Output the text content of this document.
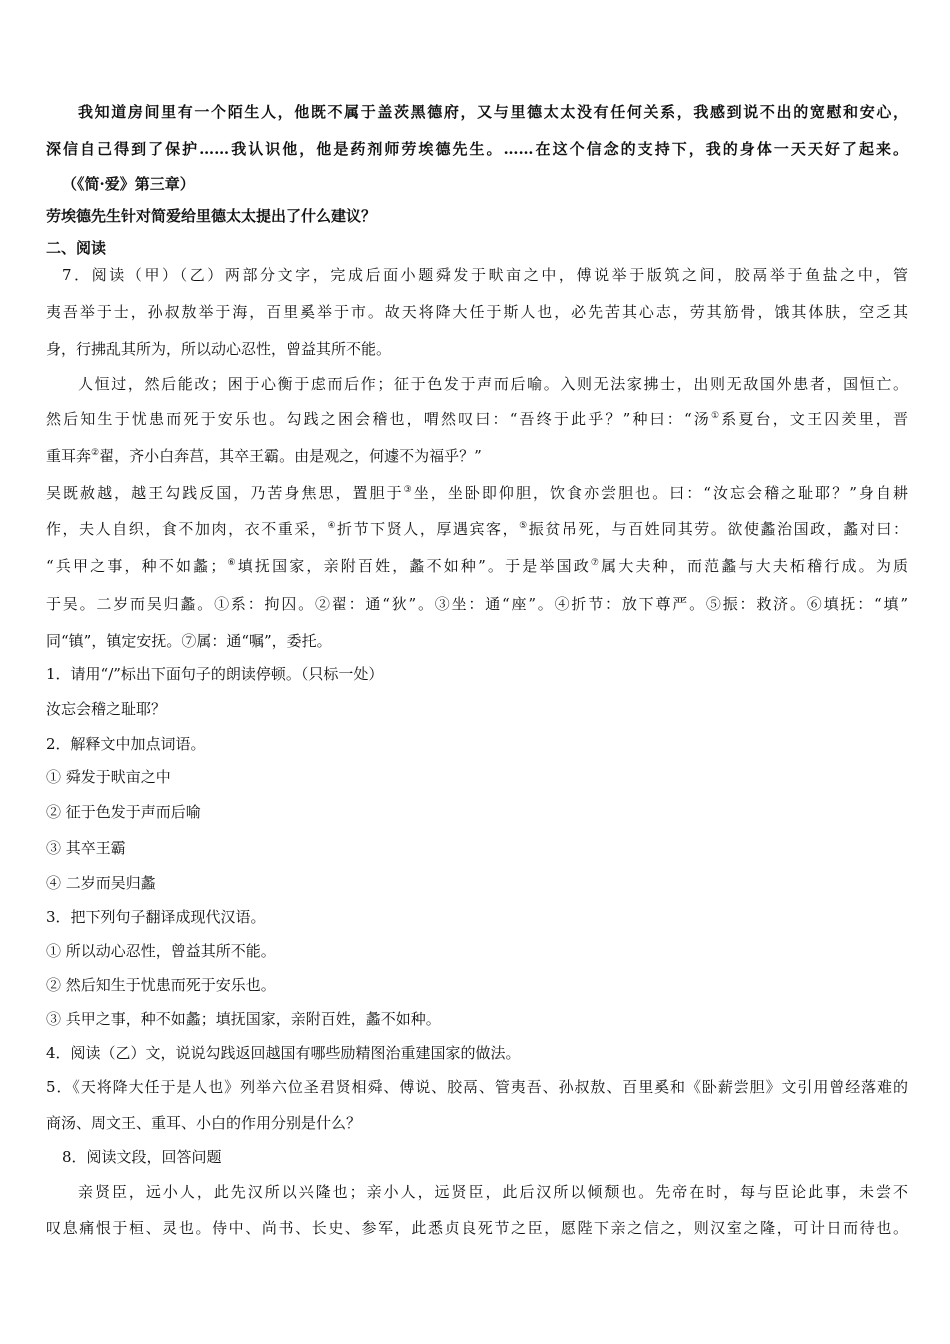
我知道房间里有一个陌生人，他既不属于盖茨黑德府，又与里德太太没有任何关系，我感到说不出的宽慰和安心，
深信自己得到了保护……我认识他，他是药剂师劳埃德先生。……在这个信念的支持下，我的身体一天天好了起来。
（《简·爱》第三章）
劳埃德先生针对简爱给里德太太提出了什么建议？
二、阅读
7．阅读（甲）（乙）两部分文字，完成后面小题舜发于畎亩之中，傅说举于版筑之间，胶鬲举于鱼盐之中，管
夷吾举于士，孙叔敖举于海，百里奚举于市。故天将降大任于斯人也，必先苦其心志，劳其筋骨，饿其体肤，空乏其
身，行拂乱其所为，所以动心忍性，曾益其所不能。
人恒过，然后能改；困于心衡于虑而后作；征于色发于声而后喻。入则无法家拂士，出则无敌国外患者，国恒亡。
然后知生于忧患而死于安乐也。勾践之困会稽也，喟然叹曰：“吾终于此乎？”种曰：“汤①系夏台，文王囚羑里，晋
重耳奔②翟，齐小白奔莒，其卒王霸。由是观之，何遽不为福乎？”
吴既赦越，越王勾践反国，乃苦身焦思，置胆于③坐，坐卧即仰胆，饮食亦尝胆也。曰：“汝忘会稽之耻耶？”身自耕
作，夫人自织，食不加肉，衣不重采，④折节下贤人，厚遇宾客，⑤振贫吊死，与百姓同其劳。欲使蠡治国政，蠡对曰：
“兵甲之事，种不如蠡；⑥填抚国家，亲附百姓，蠡不如种”。于是举国政⑦属大夫种，而范蠡与大夫柘稽行成。为质
于吴。二岁而吴归蠡。①系：拘囚。②翟：通“狄”。③坐：通“座”。④折节：放下尊严。⑤振：救济。⑥填抚：“填”
同“镇”，镇定安抚。⑦属：通“嘱”，委托。
1．请用“/”标出下面句子的朗读停顿。（只标一处）
汝忘会稽之耻耶？
2．解释文中加点词语。
① 舜发于畎亩之中
② 征于色发于声而后喻
③ 其卒王霸
④ 二岁而吴归蠡
3．把下列句子翻译成现代汉语。
① 所以动心忍性，曾益其所不能。
② 然后知生于忧患而死于安乐也。
③ 兵甲之事，种不如蠡；填抚国家，亲附百姓，蠡不如种。
4．阅读（乙）文，说说勾践返回越国有哪些励精图治重建国家的做法。
5．《天将降大任于是人也》列举六位圣君贤相舜、傅说、胶鬲、管夷吾、孙叔敖、百里奚和《卧薪尝胆》文引用曾经落难的
商汤、周文王、重耳、小白的作用分别是什么？
8．阅读文段，回答问题
亲贤臣，远小人，此先汉所以兴隆也；亲小人，远贤臣，此后汉所以倾颓也。先帝在时，每与臣论此事，未尝不
叹息痛恨于桓、灵也。侍中、尚书、长史、参军，此悉贞良死节之臣，愿陛下亲之信之，则汉室之隆，可计日而待也。
